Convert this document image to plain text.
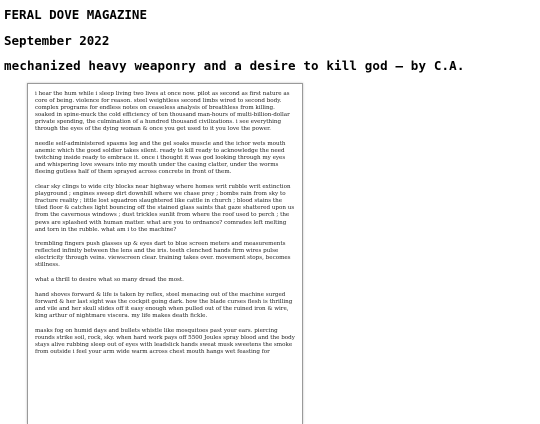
FERAL DOVE MAGAZINE
September 2022
mechanized heavy weaponry and a desire to kill god — by C.A.

i hear the hum while i sleep living two lives at once now. pilot as second as first nature as core of being. violence for reason. steel weightless second limbs wired to second body. complex programs for endless notes on ceaseless analysis of breathless from killing. soaked in spine-muck the cold efficiency of ten thousand man-hours of multi-billion-dollar private spending, the culmination of a hundred thousand civilizations. i see everything through the eyes of the dying woman & once you get used to it you love the power.

needle self-administered spasms leg and the gel soaks muscle and the ichor wets mouth anemic which the good soldier takes silent. ready to kill ready to acknowledge the need twitching inside ready to embrace it. once i thought it was god looking through my eyes and whispering love swears into my mouth under the casing clatter, under the worms fleeing gutless half of them sprayed across concrete in front of them.

clear sky clings to wide city blocks near highway where homes writ rubble writ extinction playground ; engines sweep dirt downhill where we chase prey ; bombs rain from sky to fracture reality ; little lost squadron slaughtered like cattle in church ; blood stains the tiled floor & catches light bouncing off the stained glass saints that gaze shattered upon us from the cavernous windows ; dust trickles sunlit from where the roof used to perch ; the pews are splashed with human matter. what are you to ordnance? comrades left melting and torn in the rubble. what am i to the machine?

trembling fingers push glasses up & eyes dart to blue screen meters and measurements reflected infinity between the lens and the iris. teeth clenched hands firm wires pulse electricity through veins. viewscreen clear. training takes over. movement stops, becomes stillness.

what a thrill to desire what so many dread the most.

hand shoves forward & life is taken by reflex, steel menacing out of the machine surged forward & her last sight was the cockpit going dark. how the blade curses flesh is thrilling and vile and her skull slides off it easy enough when pulled out of the ruined iron & wire, king arthur of nightmare viscera. my life makes death fickle.

masks fog on humid days and bullets whistle like mosquitoes past your ears. piercing rounds strike soil, rock, sky. when hard work pays off 5500 Joules spray blood and the body stays alive rubbing sleep out of eyes with leadslick hands sweat musk sweetens the smoke from outside i feel your arm wide warm across chest mouth hangs wet feasting for
